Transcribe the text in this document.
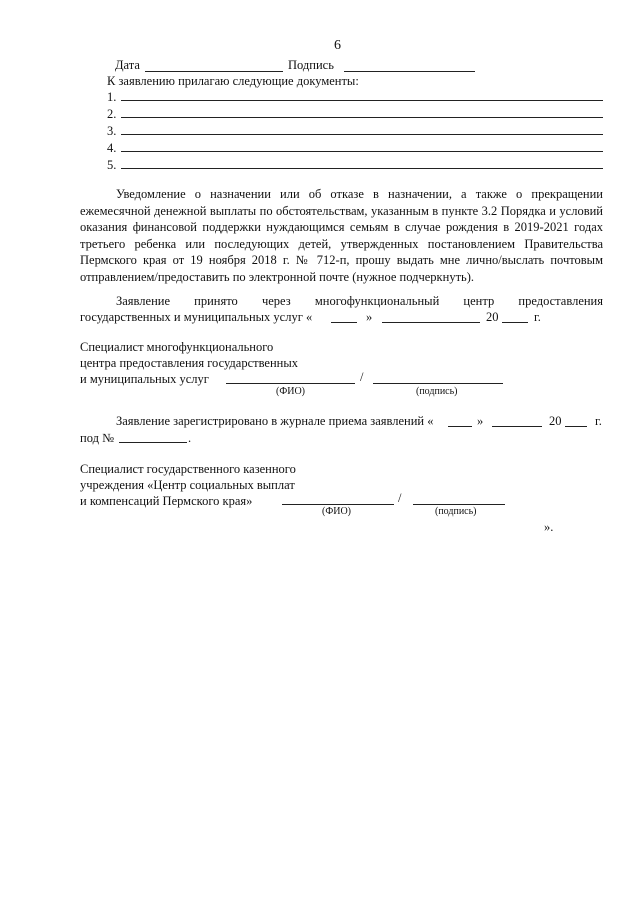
6
Дата	Подпись
К заявлению прилагаю следующие документы:
1.
2.
3.
4.
5.
Уведомление о назначении или об отказе в назначении, а также о прекращении ежемесячной денежной выплаты по обстоятельствам, указанным в пункте 3.2 Порядка и условий оказания финансовой поддержки нуждающимся семьям в случае рождения в 2019-2021 годах третьего ребенка или последующих детей, утвержденных постановлением Правительства Пермского края от 19 ноября 2018 г. № 712-п, прошу выдать мне лично/выслать почтовым отправлением/предоставить по электронной почте (нужное подчеркнуть).
Заявление принято через многофункциональный центр предоставления
государственных и муниципальных услуг «	»	20	г.
Специалист многофункционального
центра предоставления государственных
и муниципальных услуг	/
(ФИО)	(подпись)
Заявление зарегистрировано в журнале приема заявлений «	»	20	г.
под №	.
Специалист государственного казенного
учреждения «Центр социальных выплат
и компенсаций Пермского края»	/
(ФИО)	(подпись)
».
